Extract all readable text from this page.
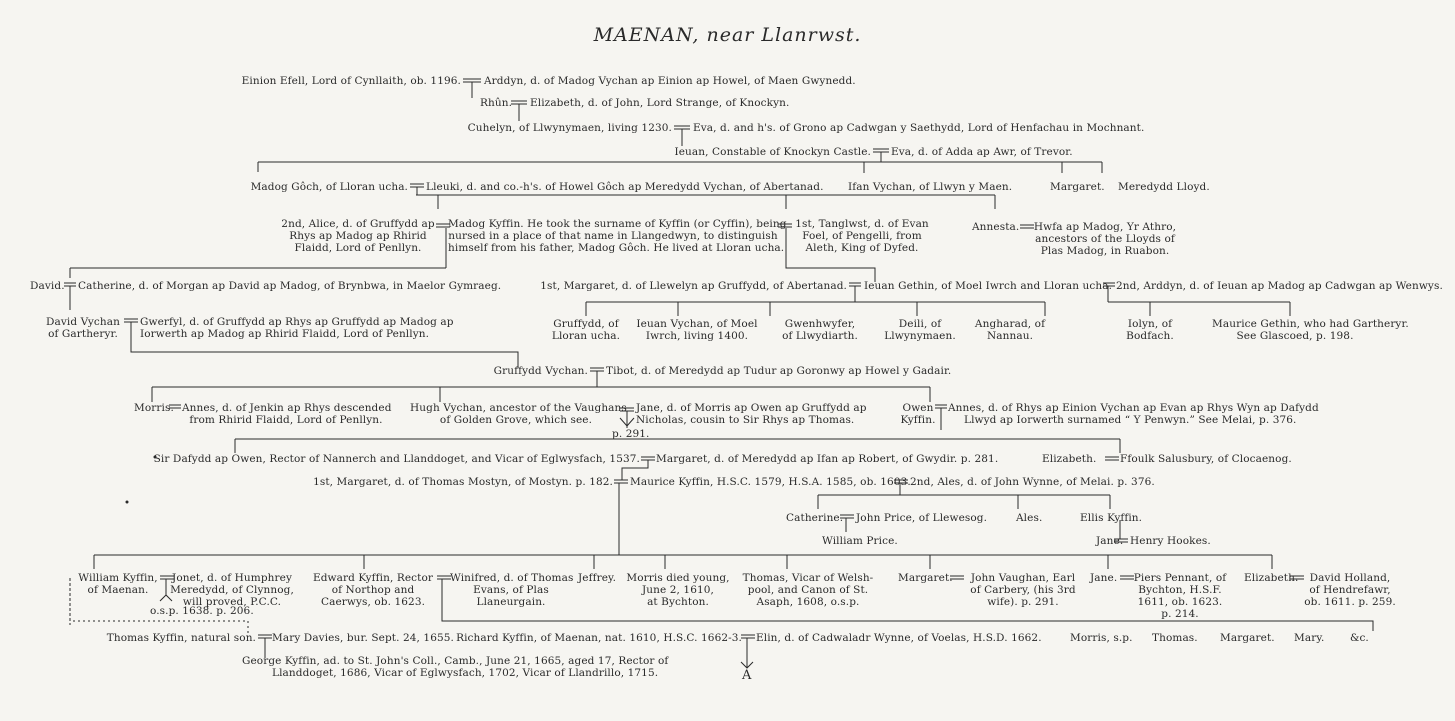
MAENAN, near Llanrwst.
Einion Efell, Lord of Cynllaith, ob. 1196. Arddyn, d. of Madog Vychan ap Einion ap Howel, of Maen Gwynedd.
Rhûn. Elizabeth, d. of John, Lord Strange, of Knockyn.
Cuhelyn, of Llwynymaen, living 1230. Eva, d. and h's. of Grono ap Cadwgan y Saethydd, Lord of Henfachau in Mochnant.
Ieuan, Constable of Knockyn Castle. Eva, d. of Adda ap Awr, of Trevor.
Madog Gôch, of Lloran ucha. Lleuki, d. and co.-h's. of Howel Gôch ap Meredydd Vychan, of Abertanad. Ifan Vychan, of Llwyn y Maen.	Margaret. Meredydd Lloyd.
2nd, Alice, d. of Gruffydd ap
Rhys ap Madog ap Rhirid
Flaidd, Lord of Penllyn.
Madog Kyffin. He took the surname of Kyffin (or Cyffin), being
nursed in a place of that name in Llangedwyn, to distinguish
himself from his father, Madog Gôch. He lived at Lloran ucha.
1st, Tanglwst, d. of Evan
Foel, of Pengelli, from
Aleth, King of Dyfed.
Annesta.	Hwfa ap Madog, Yr Athro,
ancestors of the Lloyds of
Plas Madog, in Ruabon.
David. Catherine, d. of Morgan ap David ap Madog, of Brynbwa, in Maelor Gymraeg.	1st, Margaret, d. of Llewelyn ap Gruffydd, of Abertanad. Ieuan Gethin, of Moel Iwrch and Lloran ucha. 2nd, Arddyn, d. of Ieuan ap Madog ap Cadwgan ap Wenwys.
David Vychan
of Gartheryr.
Gwerfyl, d. of Gruffydd ap Rhys ap Gruffydd ap Madog ap
Iorwerth ap Madog ap Rhirid Flaidd, Lord of Penllyn.
Gruffydd, of
Lloran ucha.
Ieuan Vychan, of Moel
Iwrch, living 1400.
Gwenhwyfer,
of Llwydiarth.
Deili, of
Llwynymaen.
Angharad, of
Nannau.
Iolyn, of
Bodfach.
Maurice Gethin, who had Gartheryr.
See Glascoed, p. 198.
Gruffydd Vychan. Tibot, d. of Meredydd ap Tudur ap Goronwy ap Howel y Gadair.
Morris. Annes, d. of Jenkin ap Rhys descended
from Rhirid Flaidd, Lord of Penllyn.
Hugh Vychan, ancestor of the Vaughans
of Golden Grove, which see.
Jane, d. of Morris ap Owen ap Gruffydd ap
Nicholas, cousin to Sir Rhys ap Thomas.
p. 291.
Owen
Kyffin.
Annes, d. of Rhys ap Einion Vychan ap Evan ap Rhys Wyn ap Dafydd
Llwyd ap Iorwerth surnamed “ Y Penwyn.” See Melai, p. 376.
Sir Dafydd ap Owen, Rector of Nannerch and Llanddoget, and Vicar of Eglwysfach, 1537. Margaret, d. of Meredydd ap Ifan ap Robert, of Gwydir. p. 281.	Elizabeth. Ffoulk Salusbury, of Clocaenog.
1st, Margaret, d. of Thomas Mostyn, of Mostyn. p. 182. Maurice Kyffin, H.S.C. 1579, H.S.A. 1585, ob. 1603. 2nd, Ales, d. of John Wynne, of Melai. p. 376.
Catherine. John Price, of Llewesog.	Ales.	Ellis Kyffin.
William Price.	Jane. Henry Hookes.
William Kyffin,
of Maenan.
Jonet, d. of Humphrey
Meredydd, of Clynnog,
will proved, P.C.C.
o.s.p. 1638. p. 206.
Edward Kyffin, Rector
of Northop and
Caerwys, ob. 1623.
Winifred, d. of Thomas
Evans, of Plas
Llaneurgain.
Jeffrey. Morris died young,
June 2, 1610,
at Bychton.
Thomas, Vicar of Welsh-
pool, and Canon of St.
Asaph, 1608, o.s.p.
Margaret.	John Vaughan, Earl
of Carbery, (his 3rd
wife). p. 291.
Jane.	Piers Pennant, of
Bychton, H.S.F.
1611, ob. 1623.
p. 214.
Elizabeth.	David Holland,
of Hendrefawr,
ob. 1611. p. 259.
Thomas Kyffin, natural son. Mary Davies, bur. Sept. 24, 1655. Richard Kyffin, of Maenan, nat. 1610, H.S.C. 1662-3. Elin, d. of Cadwaladr Wynne, of Voelas, H.S.D. 1662.	Morris, s.p. Thomas. Margaret. Mary. &c.
George Kyffin, ad. to St. John's Coll., Camb., June 21, 1665, aged 17, Rector of
Llanddoget, 1686, Vicar of Eglwysfach, 1702, Vicar of Llandrillo, 1715.	A
